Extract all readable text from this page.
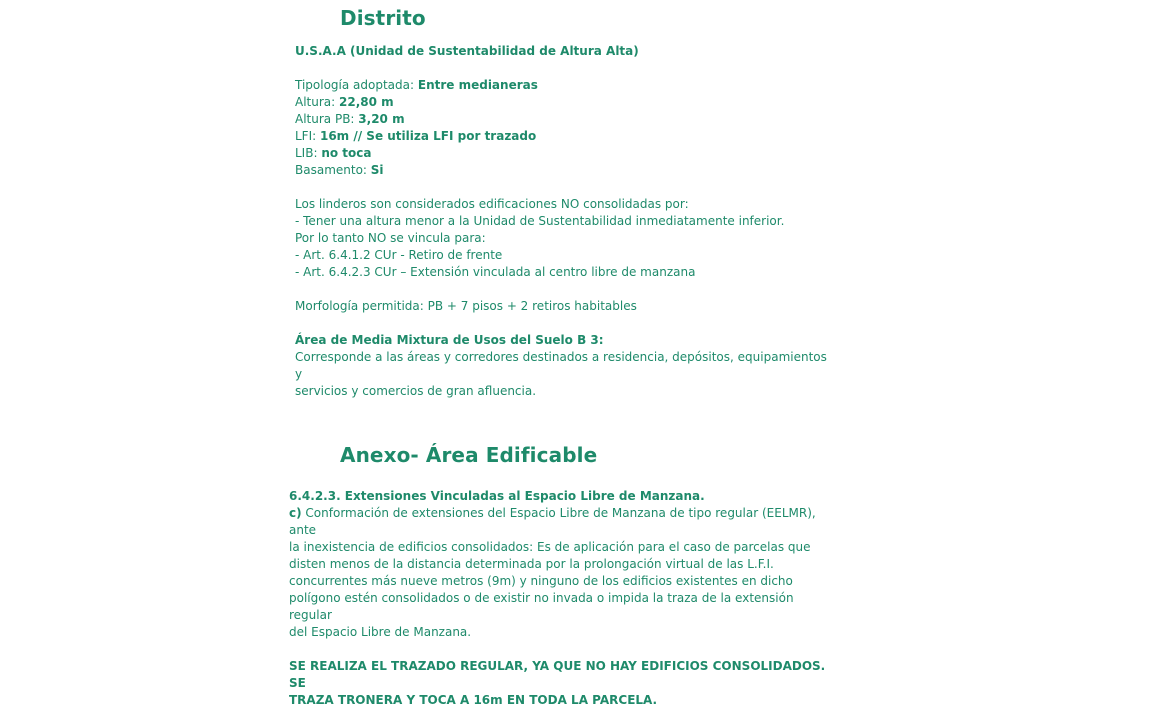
Distrito

U.S.A.A (Unidad de Sustentabilidad de Altura Alta)

Tipología adoptada: Entre medianeras

Altura: 22,80 m

Altura PB: 3,20 m

LFI: 16m // Se utiliza LFI por trazado

LIB: no toca

Basamento: Si

Los linderos son considerados edificaciones NO consolidadas por:

- Tener una altura menor a la Unidad de Sustentabilidad inmediatamente inferior.

Por lo tanto NO se vincula para:

- Art. 6.4.1.2 CUr - Retiro de frente

- Art. 6.4.2.3 CUr – Extensión vinculada al centro libre de manzana

Morfología permitida: PB + 7 pisos + 2 retiros habitables

Área de Media Mixtura de Usos del Suelo B 3:

Corresponde a las áreas y corredores destinados a residencia, depósitos, equipamientos y

servicios y comercios de gran afluencia.

Anexo- Área Edificable

6.4.2.3. Extensiones Vinculadas al Espacio Libre de Manzana.

c) Conformación de extensiones del Espacio Libre de Manzana de tipo regular (EELMR), ante

la inexistencia de edificios consolidados: Es de aplicación para el caso de parcelas que

disten menos de la distancia determinada por la prolongación virtual de las L.F.I.

concurrentes más nueve metros (9m) y ninguno de los edificios existentes en dicho

polígono estén consolidados o de existir no invada o impida la traza de la extensión regular

del Espacio Libre de Manzana.

SE REALIZA EL TRAZADO REGULAR, YA QUE NO HAY EDIFICIOS CONSOLIDADOS. SE

TRAZA TRONERA Y TOCA A 16m EN TODA LA PARCELA.
